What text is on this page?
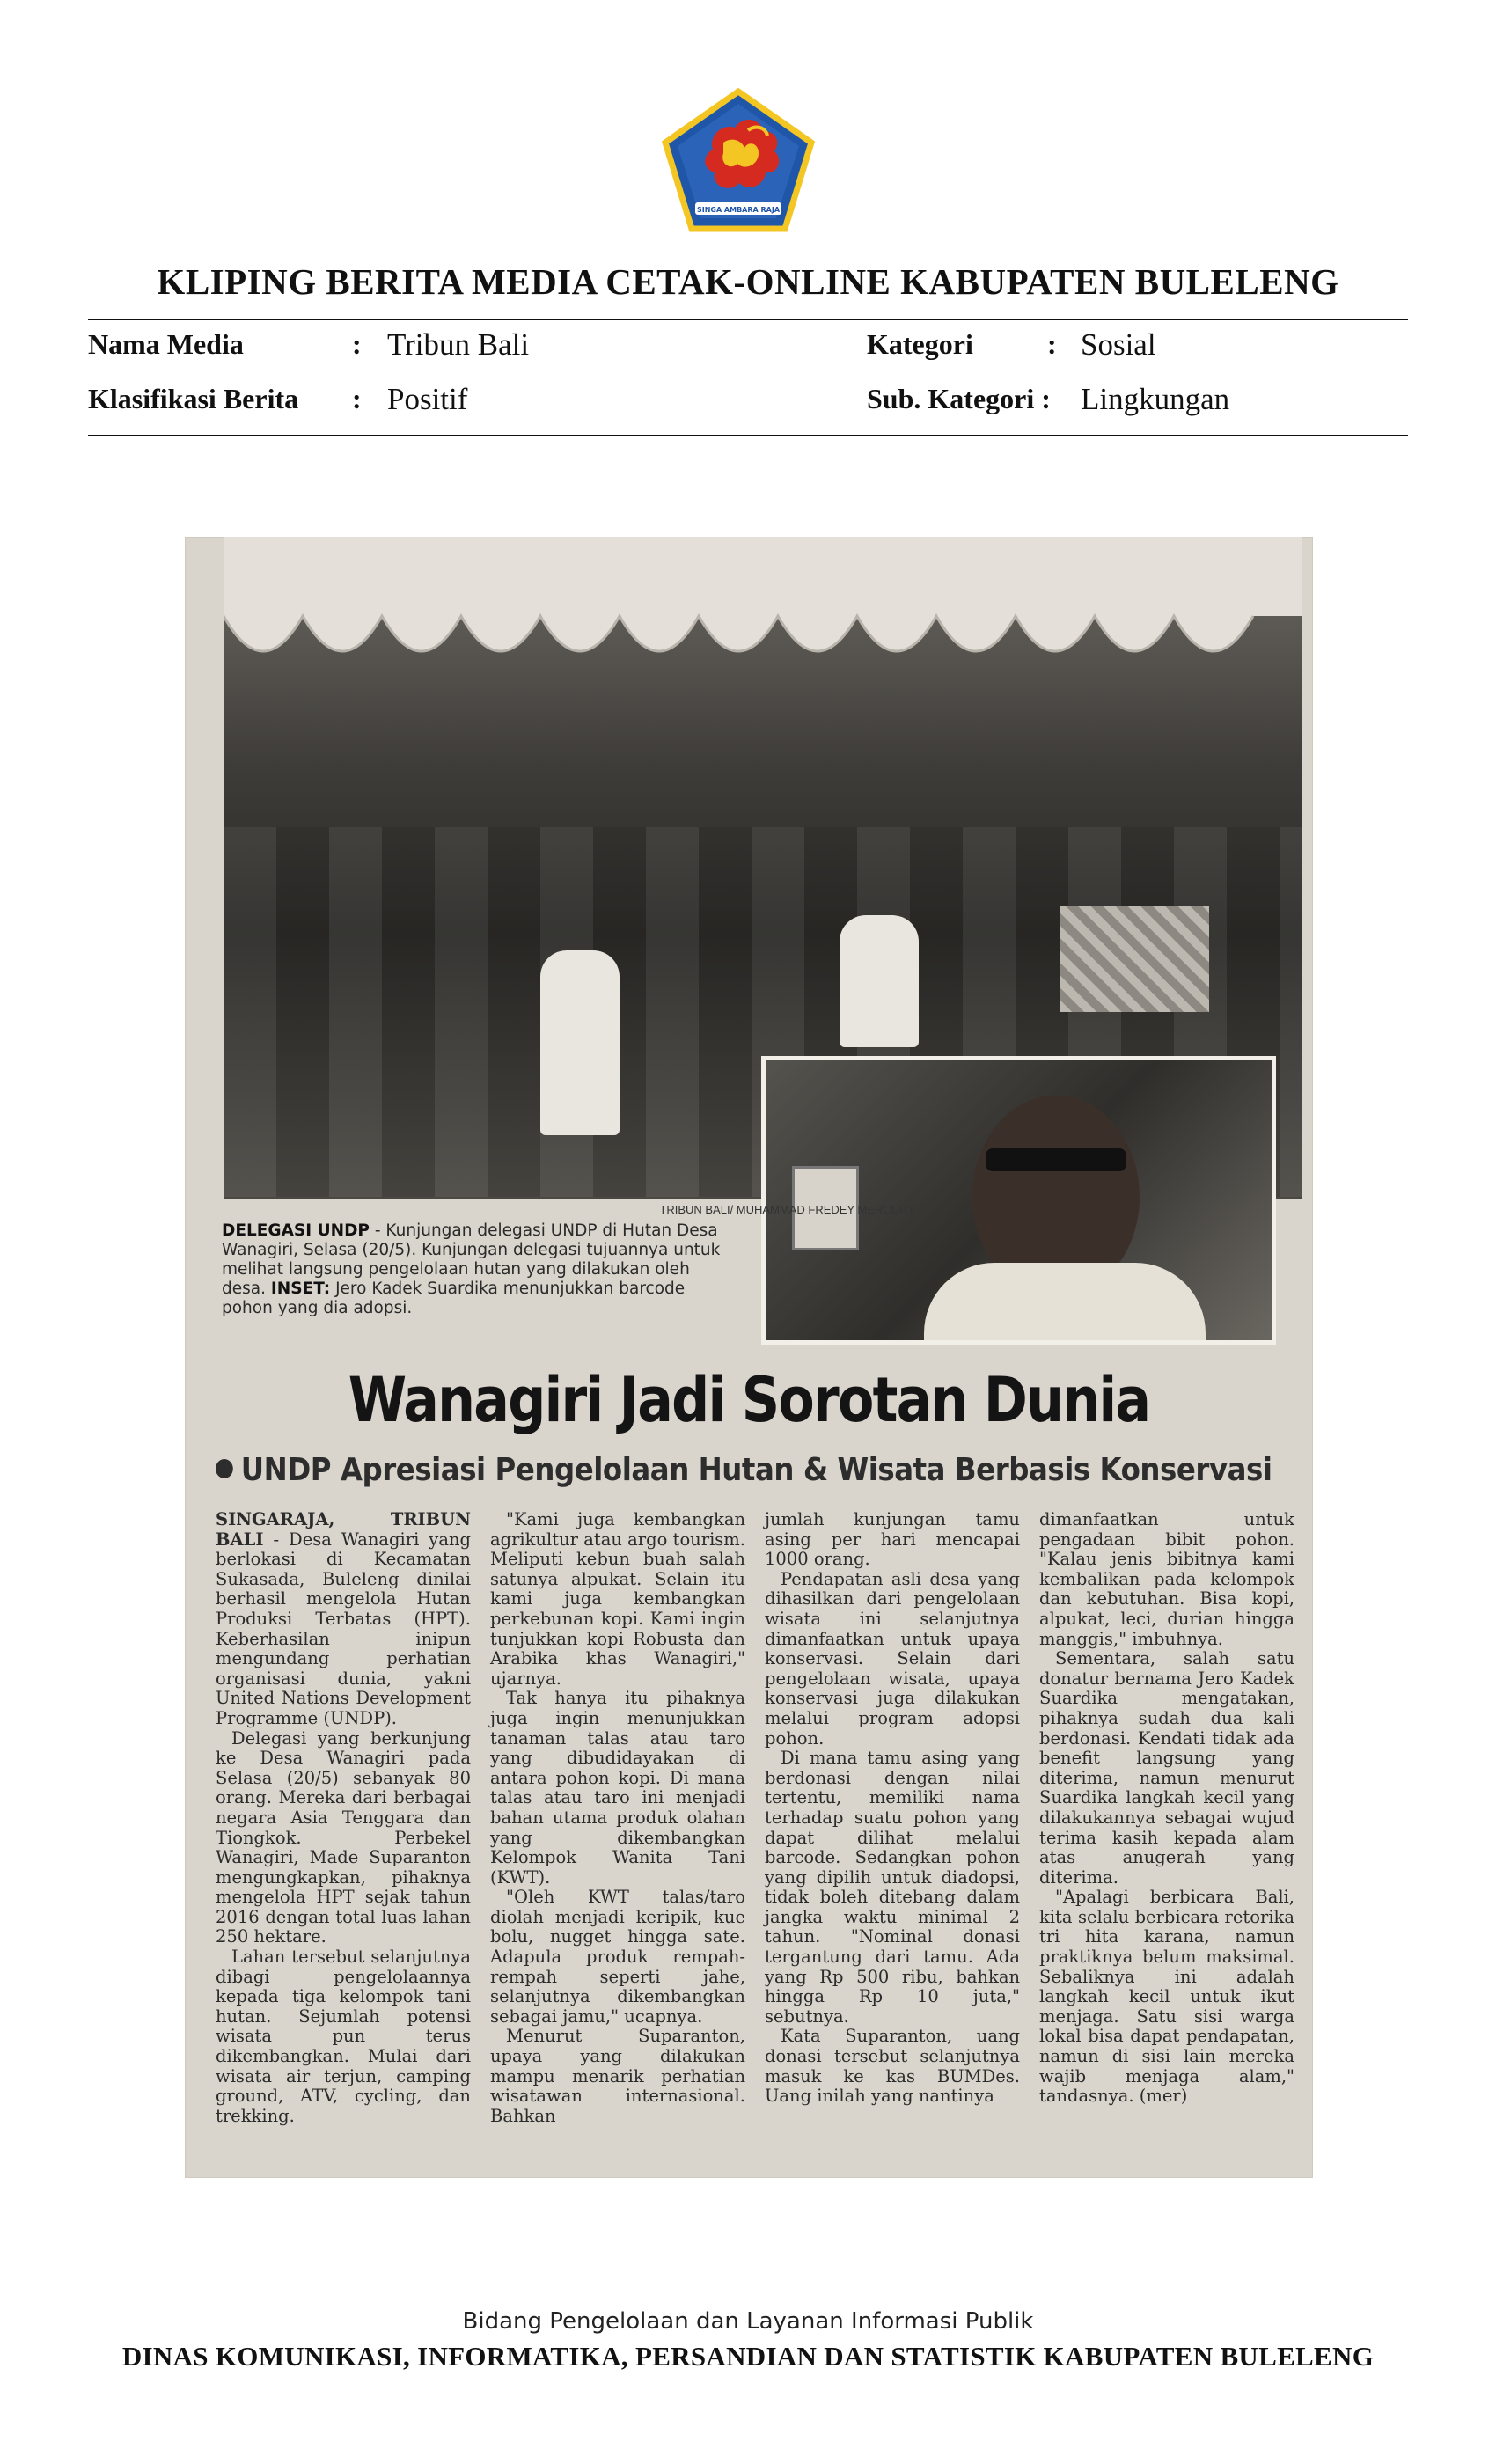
SINGA AMBARA RAJA
KLIPING BERITA MEDIA CETAK-ONLINE KABUPATEN BULELENG
Nama Media	: Tribun Bali	Kategori	: Sosial
Klasifikasi Berita : Positif	Sub. Kategori : Lingkungan
TRIBUN BALI/ MUHAMMAD FREDEY MERCURY
DELEGASI UNDP - Kunjungan delegasi UNDP di Hutan Desa Wanagiri, Selasa (20/5). Kunjungan delegasi tujuannya untuk melihat langsung pengelolaan hutan yang dilakukan oleh desa. INSET: Jero Kadek Suardika menunjukkan barcode pohon yang dia adopsi.
Wanagiri Jadi Sorotan Dunia
UNDP Apresiasi Pengelolaan Hutan & Wisata Berbasis Konservasi

SINGARAJA, TRIBUN BALI - Desa Wanagiri yang berlokasi di Kecamatan Sukasada, Buleleng dinilai berhasil mengelola Hutan Produksi Terbatas (HPT). Keberhasilan inipun mengundang perhatian organisasi dunia, yakni United Nations Development Programme (UNDP).

Delegasi yang berkunjung ke Desa Wanagiri pada Selasa (20/5) sebanyak 80 orang. Mereka dari berbagai negara Asia Tenggara dan Tiongkok. Perbekel Wanagiri, Made Suparanton mengungkapkan, pihaknya mengelola HPT sejak tahun 2016 dengan total luas lahan 250 hektare.

Lahan tersebut selanjutnya dibagi pengelolaannya kepada tiga kelompok tani hutan. Sejumlah potensi wisata pun terus dikembangkan. Mulai dari wisata air terjun, camping ground, ATV, cycling, dan trekking.

"Kami juga kembangkan agrikultur atau argo tourism. Meliputi kebun buah salah satunya alpukat. Selain itu kami juga kembangkan perkebunan kopi. Kami ingin tunjukkan kopi Robusta dan Arabika khas Wanagiri," ujarnya.

Tak hanya itu pihaknya juga ingin menunjukkan tanaman talas atau taro yang dibudidayakan di antara pohon kopi. Di mana talas atau taro ini menjadi bahan utama produk olahan yang dikembangkan Kelompok Wanita Tani (KWT).

"Oleh KWT talas/taro diolah menjadi keripik, kue bolu, nugget hingga sate. Adapula produk rempah-rempah seperti jahe, selanjutnya dikembangkan sebagai jamu," ucapnya.

Menurut Suparanton, upaya yang dilakukan mampu menarik perhatian wisatawan internasional. Bahkan

jumlah kunjungan tamu asing per hari mencapai 1000 orang.

Pendapatan asli desa yang dihasilkan dari pengelolaan wisata ini selanjutnya dimanfaatkan untuk upaya konservasi. Selain dari pengelolaan wisata, upaya konservasi juga dilakukan melalui program adopsi pohon.

Di mana tamu asing yang berdonasi dengan nilai tertentu, memiliki nama terhadap suatu pohon yang dapat dilihat melalui barcode. Sedangkan pohon yang dipilih untuk diadopsi, tidak boleh ditebang dalam jangka waktu minimal 2 tahun. "Nominal donasi tergantung dari tamu. Ada yang Rp 500 ribu, bahkan hingga Rp 10 juta," sebutnya.

Kata Suparanton, uang donasi tersebut selanjutnya masuk ke kas BUMDes. Uang inilah yang nantinya

dimanfaatkan untuk pengadaan bibit pohon. "Kalau jenis bibitnya kami kembalikan pada kelompok dan kebutuhan. Bisa kopi, alpukat, leci, durian hingga manggis," imbuhnya.

Sementara, salah satu donatur bernama Jero Kadek Suardika mengatakan, pihaknya sudah dua kali berdonasi. Kendati tidak ada benefit langsung yang diterima, namun menurut Suardika langkah kecil yang dilakukannya sebagai wujud terima kasih kepada alam atas anugerah yang diterima.

"Apalagi berbicara Bali, kita selalu berbicara retorika tri hita karana, namun praktiknya belum maksimal. Sebaliknya ini adalah langkah kecil untuk ikut menjaga. Satu sisi warga lokal bisa dapat pendapatan, namun di sisi lain mereka wajib menjaga alam," tandasnya. (mer)

Bidang Pengelolaan dan Layanan Informasi Publik
DINAS KOMUNIKASI, INFORMATIKA, PERSANDIAN DAN STATISTIK KABUPATEN BULELENG
